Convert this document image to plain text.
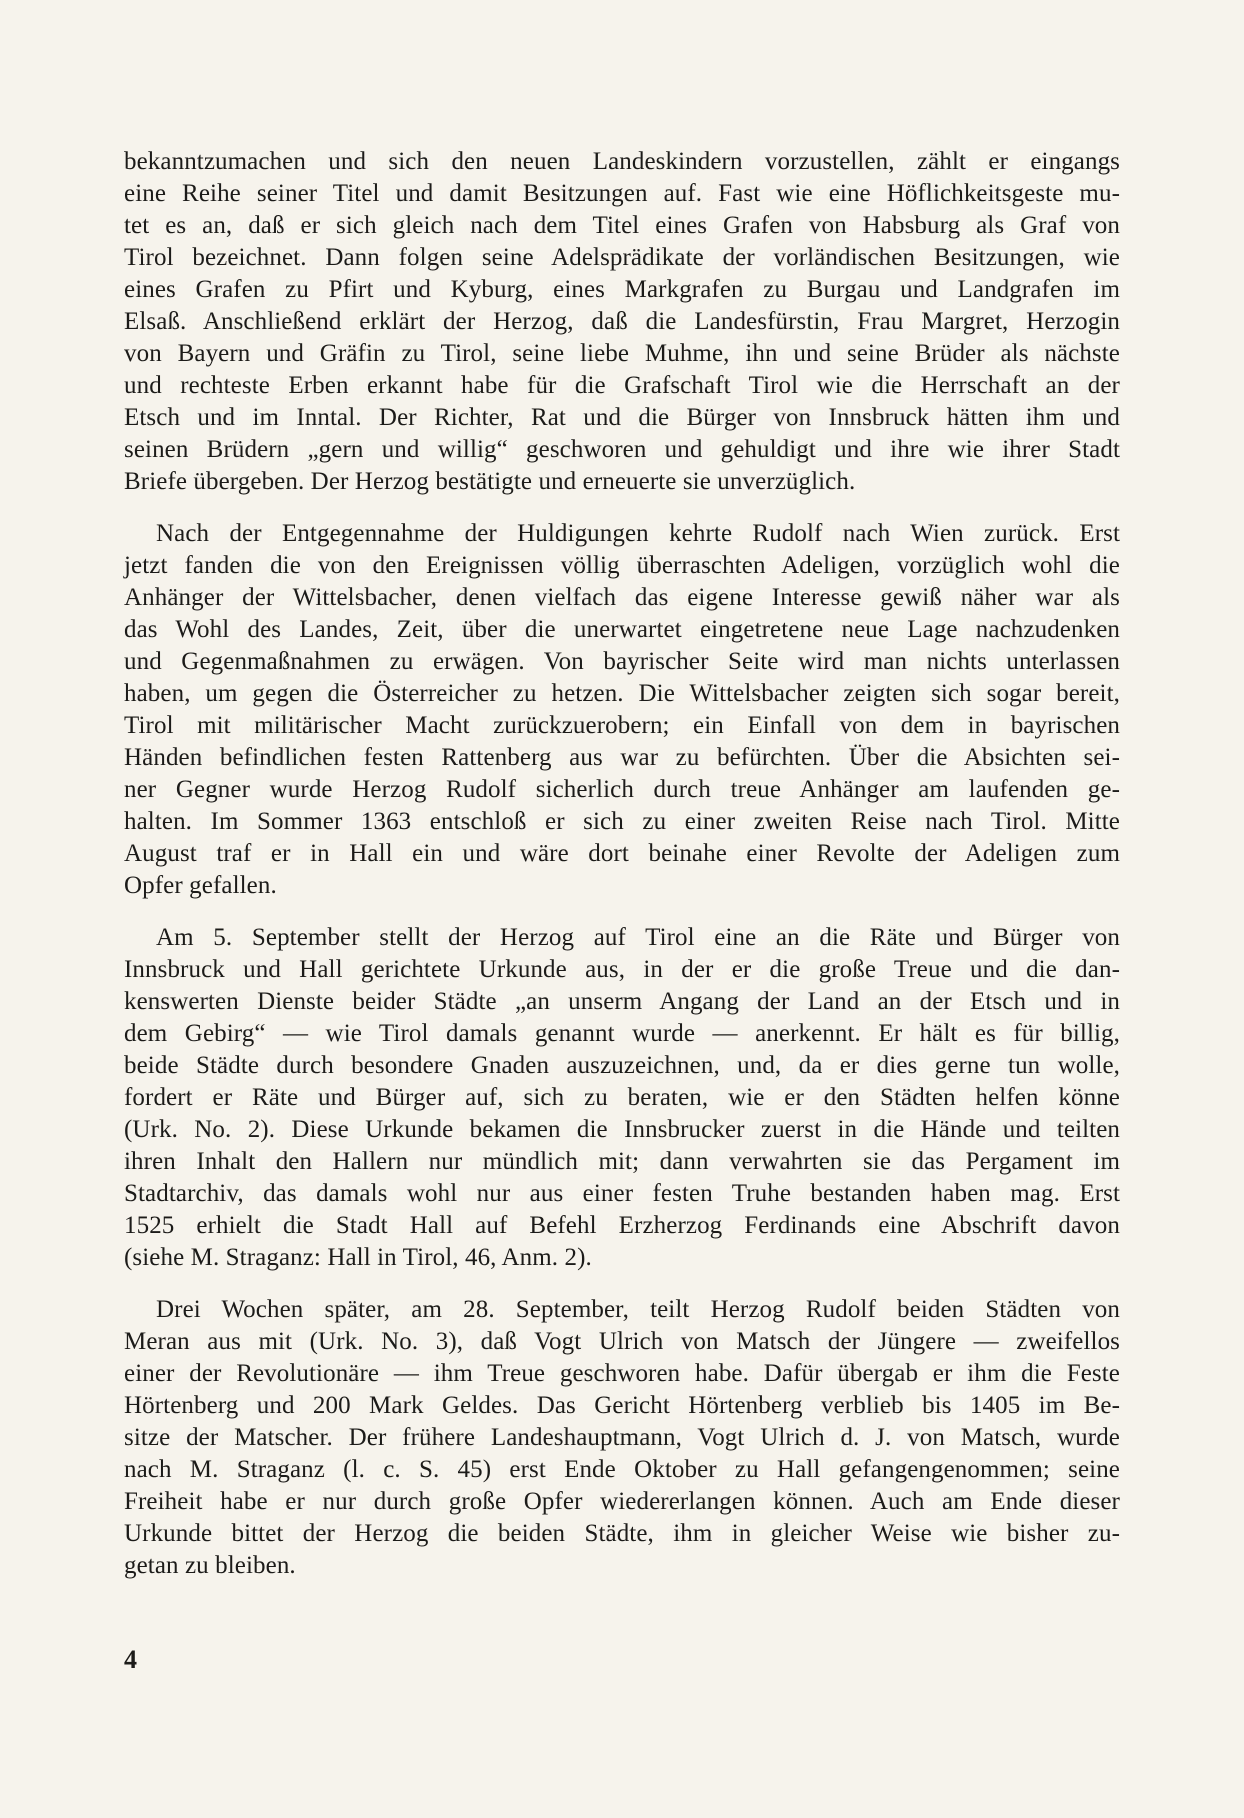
bekanntzumachen und sich den neuen Landeskindern vorzustellen, zählt er eingangs
eine Reihe seiner Titel und damit Besitzungen auf. Fast wie eine Höflichkeitsgeste mu-
tet es an, daß er sich gleich nach dem Titel eines Grafen von Habsburg als Graf von
Tirol bezeichnet. Dann folgen seine Adelsprädikate der vorländischen Besitzungen, wie
eines Grafen zu Pfirt und Kyburg, eines Markgrafen zu Burgau und Landgrafen im
Elsaß. Anschließend erklärt der Herzog, daß die Landesfürstin, Frau Margret, Herzogin
von Bayern und Gräfin zu Tirol, seine liebe Muhme, ihn und seine Brüder als nächste
und rechteste Erben erkannt habe für die Grafschaft Tirol wie die Herrschaft an der
Etsch und im Inntal. Der Richter, Rat und die Bürger von Innsbruck hätten ihm und
seinen Brüdern „gern und willig“ geschworen und gehuldigt und ihre wie ihrer Stadt
Briefe übergeben. Der Herzog bestätigte und erneuerte sie unverzüglich.

Nach der Entgegennahme der Huldigungen kehrte Rudolf nach Wien zurück. Erst
jetzt fanden die von den Ereignissen völlig überraschten Adeligen, vorzüglich wohl die
Anhänger der Wittelsbacher, denen vielfach das eigene Interesse gewiß näher war als
das Wohl des Landes, Zeit, über die unerwartet eingetretene neue Lage nachzudenken
und Gegenmaßnahmen zu erwägen. Von bayrischer Seite wird man nichts unterlassen
haben, um gegen die Österreicher zu hetzen. Die Wittelsbacher zeigten sich sogar bereit,
Tirol mit militärischer Macht zurückzuerobern; ein Einfall von dem in bayrischen
Händen befindlichen festen Rattenberg aus war zu befürchten. Über die Absichten sei-
ner Gegner wurde Herzog Rudolf sicherlich durch treue Anhänger am laufenden ge-
halten. Im Sommer 1363 entschloß er sich zu einer zweiten Reise nach Tirol. Mitte
August traf er in Hall ein und wäre dort beinahe einer Revolte der Adeligen zum
Opfer gefallen.

Am 5. September stellt der Herzog auf Tirol eine an die Räte und Bürger von
Innsbruck und Hall gerichtete Urkunde aus, in der er die große Treue und die dan-
kenswerten Dienste beider Städte „an unserm Angang der Land an der Etsch und in
dem Gebirg“ — wie Tirol damals genannt wurde — anerkennt. Er hält es für billig,
beide Städte durch besondere Gnaden auszuzeichnen, und, da er dies gerne tun wolle,
fordert er Räte und Bürger auf, sich zu beraten, wie er den Städten helfen könne
(Urk. No. 2). Diese Urkunde bekamen die Innsbrucker zuerst in die Hände und teilten
ihren Inhalt den Hallern nur mündlich mit; dann verwahrten sie das Pergament im
Stadtarchiv, das damals wohl nur aus einer festen Truhe bestanden haben mag. Erst
1525 erhielt die Stadt Hall auf Befehl Erzherzog Ferdinands eine Abschrift davon
(siehe M. Straganz: Hall in Tirol, 46, Anm. 2).

Drei Wochen später, am 28. September, teilt Herzog Rudolf beiden Städten von
Meran aus mit (Urk. No. 3), daß Vogt Ulrich von Matsch der Jüngere — zweifellos
einer der Revolutionäre — ihm Treue geschworen habe. Dafür übergab er ihm die Feste
Hörtenberg und 200 Mark Geldes. Das Gericht Hörtenberg verblieb bis 1405 im Be-
sitze der Matscher. Der frühere Landeshauptmann, Vogt Ulrich d. J. von Matsch, wurde
nach M. Straganz (l. c. S. 45) erst Ende Oktober zu Hall gefangengenommen; seine
Freiheit habe er nur durch große Opfer wiedererlangen können. Auch am Ende dieser
Urkunde bittet der Herzog die beiden Städte, ihm in gleicher Weise wie bisher zu-
getan zu bleiben.

4
